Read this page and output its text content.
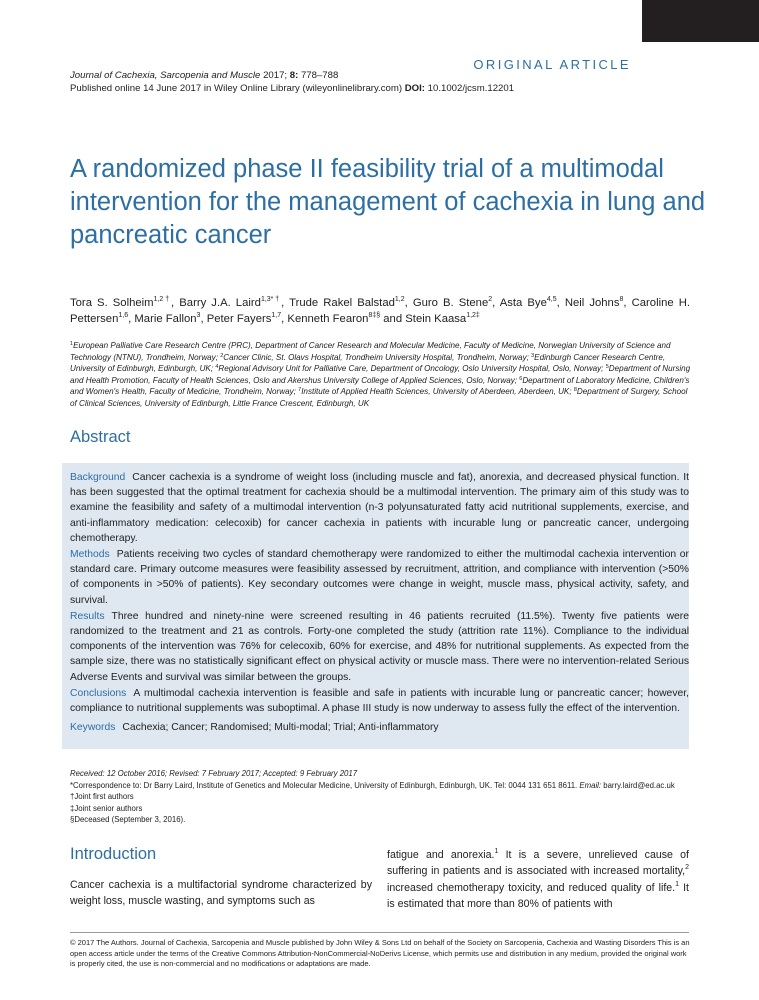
ORIGINAL ARTICLE
Journal of Cachexia, Sarcopenia and Muscle 2017; 8: 778–788
Published online 14 June 2017 in Wiley Online Library (wileyonlinelibrary.com) DOI: 10.1002/jcsm.12201
A randomized phase II feasibility trial of a multimodal intervention for the management of cachexia in lung and pancreatic cancer
Tora S. Solheim$^{1,2\dagger}$, Barry J.A. Laird$^{1,3*\dagger}$, Trude Rakel Balstad$^{1,2}$, Guro B. Stene$^2$, Asta Bye$^{4,5}$, Neil Johns$^8$, Caroline H. Pettersen$^{1,6}$, Marie Fallon$^3$, Peter Fayers$^{1,7}$, Kenneth Fearon$^{8\ddagger\S}$ and Stein Kaasa$^{1,2\ddagger}$
$^1$European Palliative Care Research Centre (PRC), Department of Cancer Research and Molecular Medicine, Faculty of Medicine, Norwegian University of Science and Technology (NTNU), Trondheim, Norway; $^2$Cancer Clinic, St. Olavs Hospital, Trondheim University Hospital, Trondheim, Norway; $^3$Edinburgh Cancer Research Centre, University of Edinburgh, Edinburgh, UK; $^4$Regional Advisory Unit for Palliative Care, Department of Oncology, Oslo University Hospital, Oslo, Norway; $^5$Department of Nursing and Health Promotion, Faculty of Health Sciences, Oslo and Akershus University College of Applied Sciences, Oslo, Norway; $^6$Department of Laboratory Medicine, Children's and Women's Health, Faculty of Medicine, Trondheim, Norway; $^7$Institute of Applied Health Sciences, University of Aberdeen, Aberdeen, UK; $^8$Department of Surgery, School of Clinical Sciences, University of Edinburgh, Little France Crescent, Edinburgh, UK
Abstract

Background Cancer cachexia is a syndrome of weight loss (including muscle and fat), anorexia, and decreased physical function. It has been suggested that the optimal treatment for cachexia should be a multimodal intervention. The primary aim of this study was to examine the feasibility and safety of a multimodal intervention (n-3 polyunsaturated fatty acid nutritional supplements, exercise, and anti-inflammatory medication: celecoxib) for cancer cachexia in patients with incurable lung or pancreatic cancer, undergoing chemotherapy.

Methods Patients receiving two cycles of standard chemotherapy were randomized to either the multimodal cachexia intervention or standard care. Primary outcome measures were feasibility assessed by recruitment, attrition, and compliance with intervention (>50% of components in >50% of patients). Key secondary outcomes were change in weight, muscle mass, physical activity, safety, and survival.

Results Three hundred and ninety-nine were screened resulting in 46 patients recruited (11.5%). Twenty five patients were randomized to the treatment and 21 as controls. Forty-one completed the study (attrition rate 11%). Compliance to the individual components of the intervention was 76% for celecoxib, 60% for exercise, and 48% for nutritional supplements. As expected from the sample size, there was no statistically significant effect on physical activity or muscle mass. There were no intervention-related Serious Adverse Events and survival was similar between the groups.

Conclusions A multimodal cachexia intervention is feasible and safe in patients with incurable lung or pancreatic cancer; however, compliance to nutritional supplements was suboptimal. A phase III study is now underway to assess fully the effect of the intervention.

Keywords Cachexia; Cancer; Randomised; Multi-modal; Trial; Anti-inflammatory

Received: 12 October 2016; Revised: 7 February 2017; Accepted: 9 February 2017
*Correspondence to: Dr Barry Laird, Institute of Genetics and Molecular Medicine, University of Edinburgh, Edinburgh, UK. Tel: 0044 131 651 8611. Email: barry.laird@ed.ac.uk
†Joint first authors
‡Joint senior authors
§Deceased (September 3, 2016).
Introduction
Cancer cachexia is a multifactorial syndrome characterized by weight loss, muscle wasting, and symptoms such as
fatigue and anorexia.$^1$ It is a severe, unrelieved cause of suffering in patients and is associated with increased mortality,$^2$ increased chemotherapy toxicity, and reduced quality of life.$^1$ It is estimated that more than 80% of patients with
© 2017 The Authors. Journal of Cachexia, Sarcopenia and Muscle published by John Wiley & Sons Ltd on behalf of the Society on Sarcopenia, Cachexia and Wasting Disorders This is an open access article under the terms of the Creative Commons Attribution-NonCommercial-NoDerivs License, which permits use and distribution in any medium, provided the original work is properly cited, the use is non-commercial and no modifications or adaptations are made.
